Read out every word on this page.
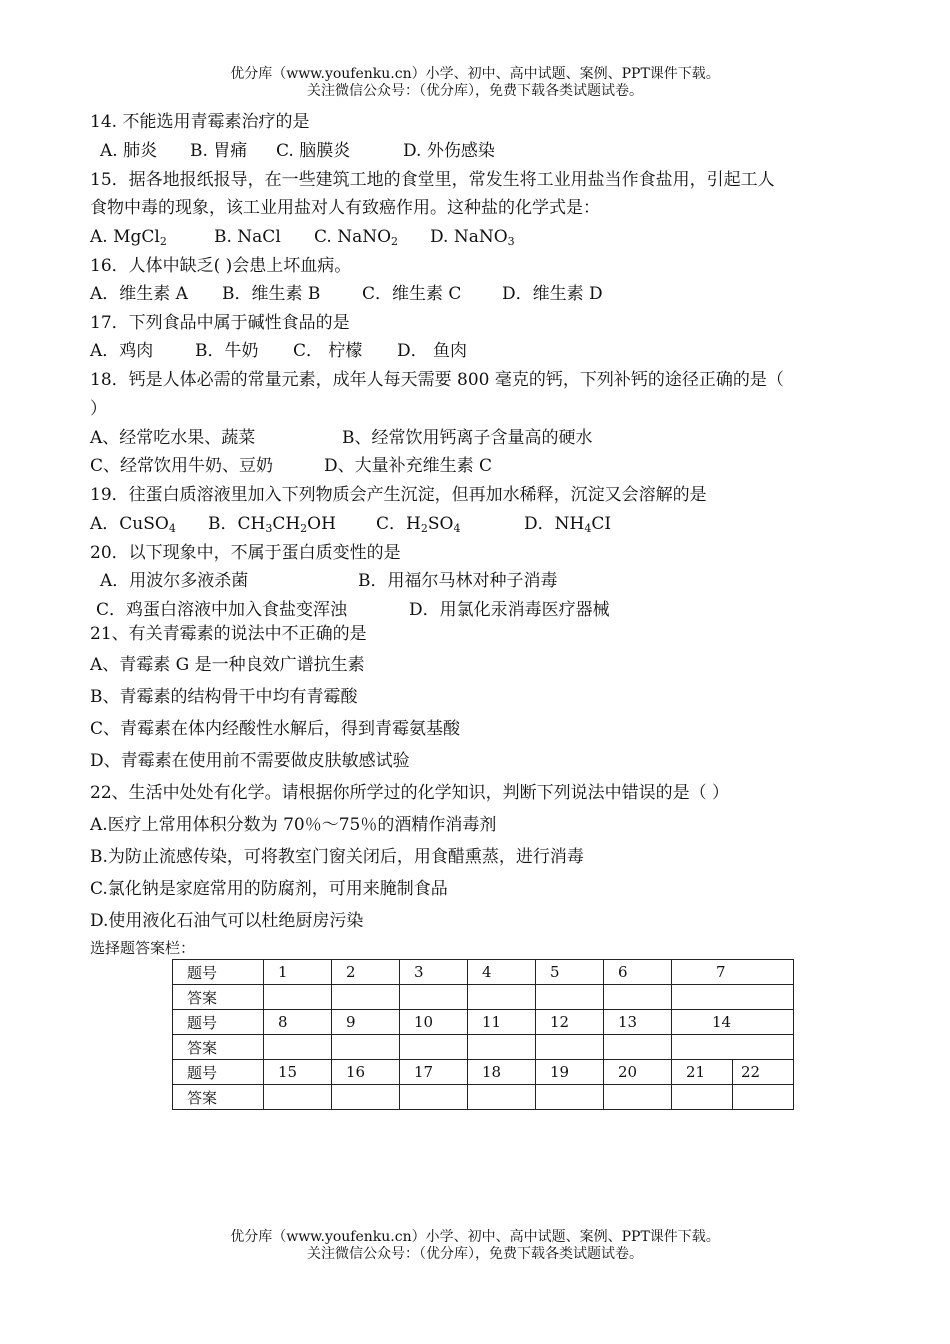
优分库（www.youfenku.cn）小学、初中、高中试题、案例、PPT课件下载。
关注微信公众号：（优分库），免费下载各类试题试卷。
14. 不能选用青霉素治疗的是
A. 肺炎 B. 胃痛 C. 脑膜炎	D. 外伤感染
15．据各地报纸报导，在一些建筑工地的食堂里，常发生将工业用盐当作食盐用，引起工人
食物中毒的现象，该工业用盐对人有致癌作用。这种盐的化学式是：
A. MgCl$_2$	B. NaCl C. NaNO$_2$ D. NaNO$_3$
16．人体中缺乏( )会患上坏血病。
A．维生素 A B．维生素 B C．维生素 C D．维生素 D
17．下列食品中属于碱性食品的是
A．鸡肉 B．牛奶 C． 柠檬 D． 鱼肉
18．钙是人体必需的常量元素，成年人每天需要 800 毫克的钙，下列补钙的途径正确的是（
）
A、经常吃水果、蔬菜	B、经常饮用钙离子含量高的硬水
C、经常饮用牛奶、豆奶	D、大量补充维生素 C
19．往蛋白质溶液里加入下列物质会产生沉淀，但再加水稀释，沉淀又会溶解的是
A．CuSO$_4$ B．$CH_3CH_2OH$ C．$H_2SO_4$	D．$NH_4CI$
20．以下现象中，不属于蛋白质变性的是
A．用波尔多液杀菌	B．用福尔马林对种子消毒
C．鸡蛋白溶液中加入食盐变浑浊	D．用氯化汞消毒医疗器械
21、有关青霉素的说法中不正确的是
A、青霉素 G 是一种良效广谱抗生素
B、青霉素的结构骨干中均有青霉酸
C、青霉素在体内经酸性水解后，得到青霉氨基酸
D、青霉素在使用前不需要做皮肤敏感试验
22、生活中处处有化学。请根据你所学过的化学知识，判断下列说法中错误的是（ ）
A.医疗上常用体积分数为 70％～75％的酒精作消毒剂
B.为防止流感传染，可将教室门窗关闭后，用食醋熏蒸，进行消毒
C.氯化钠是家庭常用的防腐剂，可用来腌制食品
D.使用液化石油气可以杜绝厨房污染
选择题答案栏：
题号	1	2	3	4	5	6	7	
答案								
题号	8	9	10	11	12	13	14	
答案								
题号	15	16	17	18	19	20	21	22
答案								
优分库（www.youfenku.cn）小学、初中、高中试题、案例、PPT课件下载。
关注微信公众号：（优分库），免费下载各类试题试卷。
